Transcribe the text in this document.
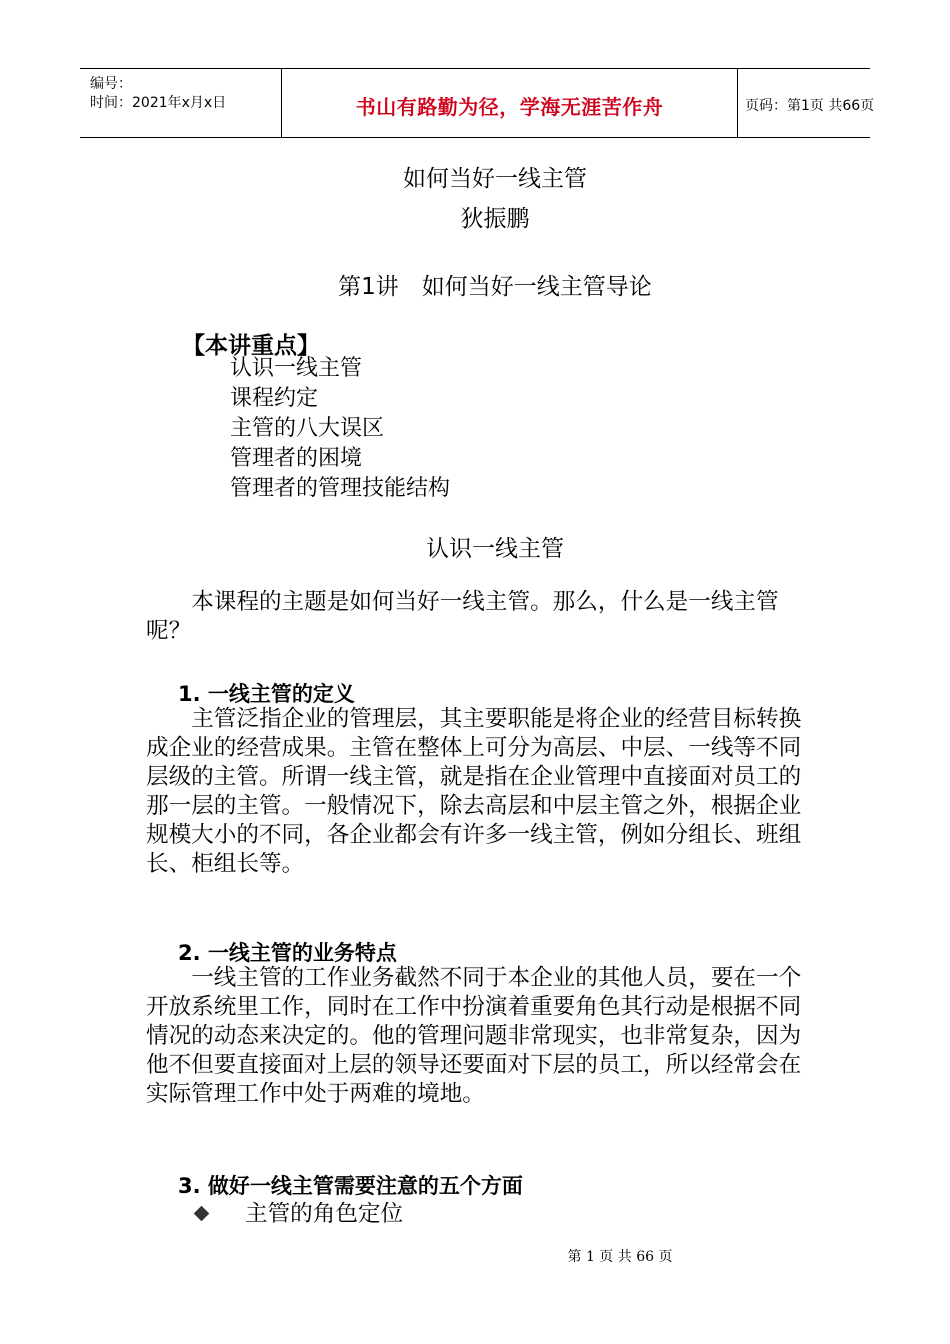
编号：
时间：2021年x月x日	书山有路勤为径，学海无涯苦作舟	页码：第1页 共66页
如何当好一线主管
狄振鹏
第1讲　如何当好一线主管导论
【本讲重点】
认识一线主管
课程约定
主管的八大误区
管理者的困境
管理者的管理技能结构
认识一线主管

本课程的主题是如何当好一线主管。那么，什么是一线主管呢？

1. 一线主管的定义

主管泛指企业的管理层，其主要职能是将企业的经营目标转换成企业的经营成果。主管在整体上可分为高层、中层、一线等不同层级的主管。所谓一线主管，就是指在企业管理中直接面对员工的那一层的主管。一般情况下，除去高层和中层主管之外，根据企业规模大小的不同，各企业都会有许多一线主管，例如分组长、班组长、柜组长等。

2. 一线主管的业务特点

一线主管的工作业务截然不同于本企业的其他人员，要在一个开放系统里工作，同时在工作中扮演着重要角色其行动是根据不同情况的动态来决定的。他的管理问题非常现实，也非常复杂，因为他不但要直接面对上层的领导还要面对下层的员工，所以经常会在实际管理工作中处于两难的境地。

3. 做好一线主管需要注意的五个方面
主管的角色定位
第 1 页 共 66 页
